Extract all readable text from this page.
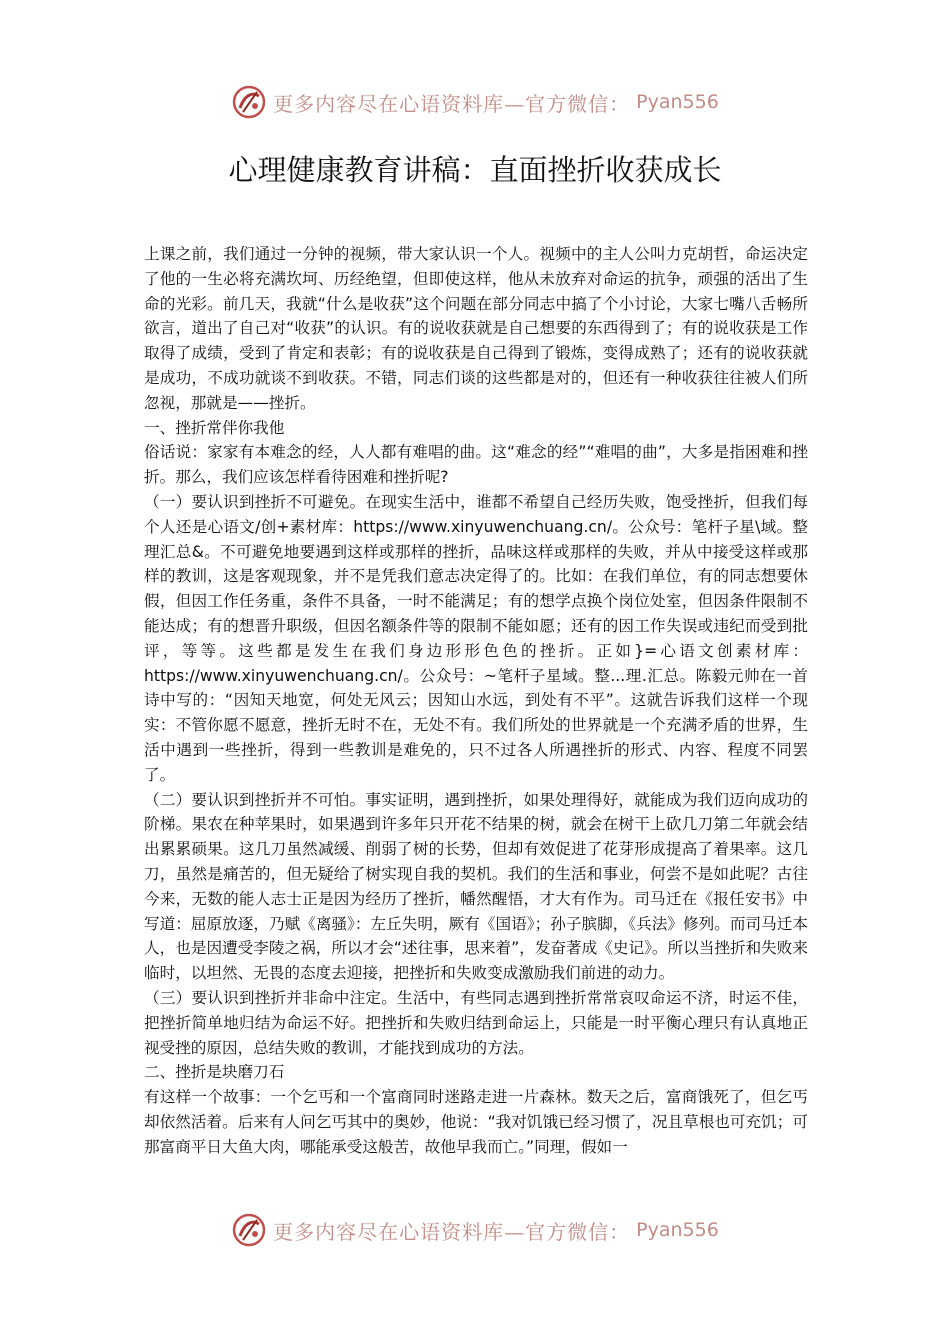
更多内容尽在心语资料库—官方微信： Pyan556
心理健康教育讲稿：直面挫折收获成长

上课之前，我们通过一分钟的视频，带大家认识一个人。视频中的主人公叫力克胡哲，命运决定了他的一生必将充满坎坷、历经绝望，但即使这样，他从未放弃对命运的抗争，顽强的活出了生命的光彩。前几天，我就“什么是收获”这个问题在部分同志中搞了个小讨论，大家七嘴八舌畅所欲言，道出了自己对“收获”的认识。有的说收获就是自己想要的东西得到了；有的说收获是工作取得了成绩，受到了肯定和表彰；有的说收获是自己得到了锻炼，变得成熟了；还有的说收获就是成功，不成功就谈不到收获。不错，同志们谈的这些都是对的，但还有一种收获往往被人们所忽视，那就是——挫折。

一、挫折常伴你我他

俗话说：家家有本难念的经，人人都有难唱的曲。这“难念的经”“难唱的曲”，大多是指困难和挫折。那么，我们应该怎样看待困难和挫折呢?

（一）要认识到挫折不可避免。在现实生活中，谁都不希望自己经历失败，饱受挫折，但我们每个人还是心语文/创+素材库：https://www.xinyuwenchuang.cn/。公众号：笔杆子星\域。整理汇总&。不可避免地要遇到这样或那样的挫折，品味这样或那样的失败，并从中接受这样或那样的教训，这是客观现象，并不是凭我们意志决定得了的。比如：在我们单位，有的同志想要休假，但因工作任务重，条件不具备，一时不能满足；有的想学点换个岗位处室，但因条件限制不能达成；有的想晋升职级，但因名额条件等的限制不能如愿；还有的因工作失误或违纪而受到批评，等等。这些都是发生在我们身边形形色色的挫折。正如}=心语文创素材库：https://www.xinyuwenchuang.cn/。公众号：~笔杆子星域。整...理.汇总。陈毅元帅在一首诗中写的：“因知天地宽，何处无风云；因知山水远，到处有不平”。这就告诉我们这样一个现实：不管你愿不愿意，挫折无时不在，无处不有。我们所处的世界就是一个充满矛盾的世界，生活中遇到一些挫折，得到一些教训是难免的，只不过各人所遇挫折的形式、内容、程度不同罢了。

（二）要认识到挫折并不可怕。事实证明，遇到挫折，如果处理得好，就能成为我们迈向成功的阶梯。果农在种苹果时，如果遇到许多年只开花不结果的树，就会在树干上砍几刀第二年就会结出累累硕果。这几刀虽然减缓、削弱了树的长势，但却有效促进了花芽形成提高了着果率。这几刀，虽然是痛苦的，但无疑给了树实现自我的契机。我们的生活和事业，何尝不是如此呢？古往今来，无数的能人志士正是因为经历了挫折，幡然醒悟，才大有作为。司马迁在《报任安书》中写道：屈原放逐，乃赋《离骚》：左丘失明，厥有《国语》；孙子膑脚，《兵法》修列。而司马迁本人，也是因遭受李陵之祸，所以才会“述往事，思来着”，发奋著成《史记》。所以当挫折和失败来临时，以坦然、无畏的态度去迎接，把挫折和失败变成激励我们前进的动力。

（三）要认识到挫折并非命中注定。生活中，有些同志遇到挫折常常哀叹命运不济，时运不佳，把挫折简单地归结为命运不好。把挫折和失败归结到命运上，只能是一时平衡心理只有认真地正视受挫的原因，总结失败的教训，才能找到成功的方法。

二、挫折是块磨刀石

有这样一个故事：一个乞丐和一个富商同时迷路走进一片森林。数天之后，富商饿死了，但乞丐却依然活着。后来有人问乞丐其中的奥妙，他说：“我对饥饿已经习惯了，况且草根也可充饥；可那富商平日大鱼大肉，哪能承受这般苦，故他早我而亡。”同理，假如一

更多内容尽在心语资料库—官方微信： Pyan556
